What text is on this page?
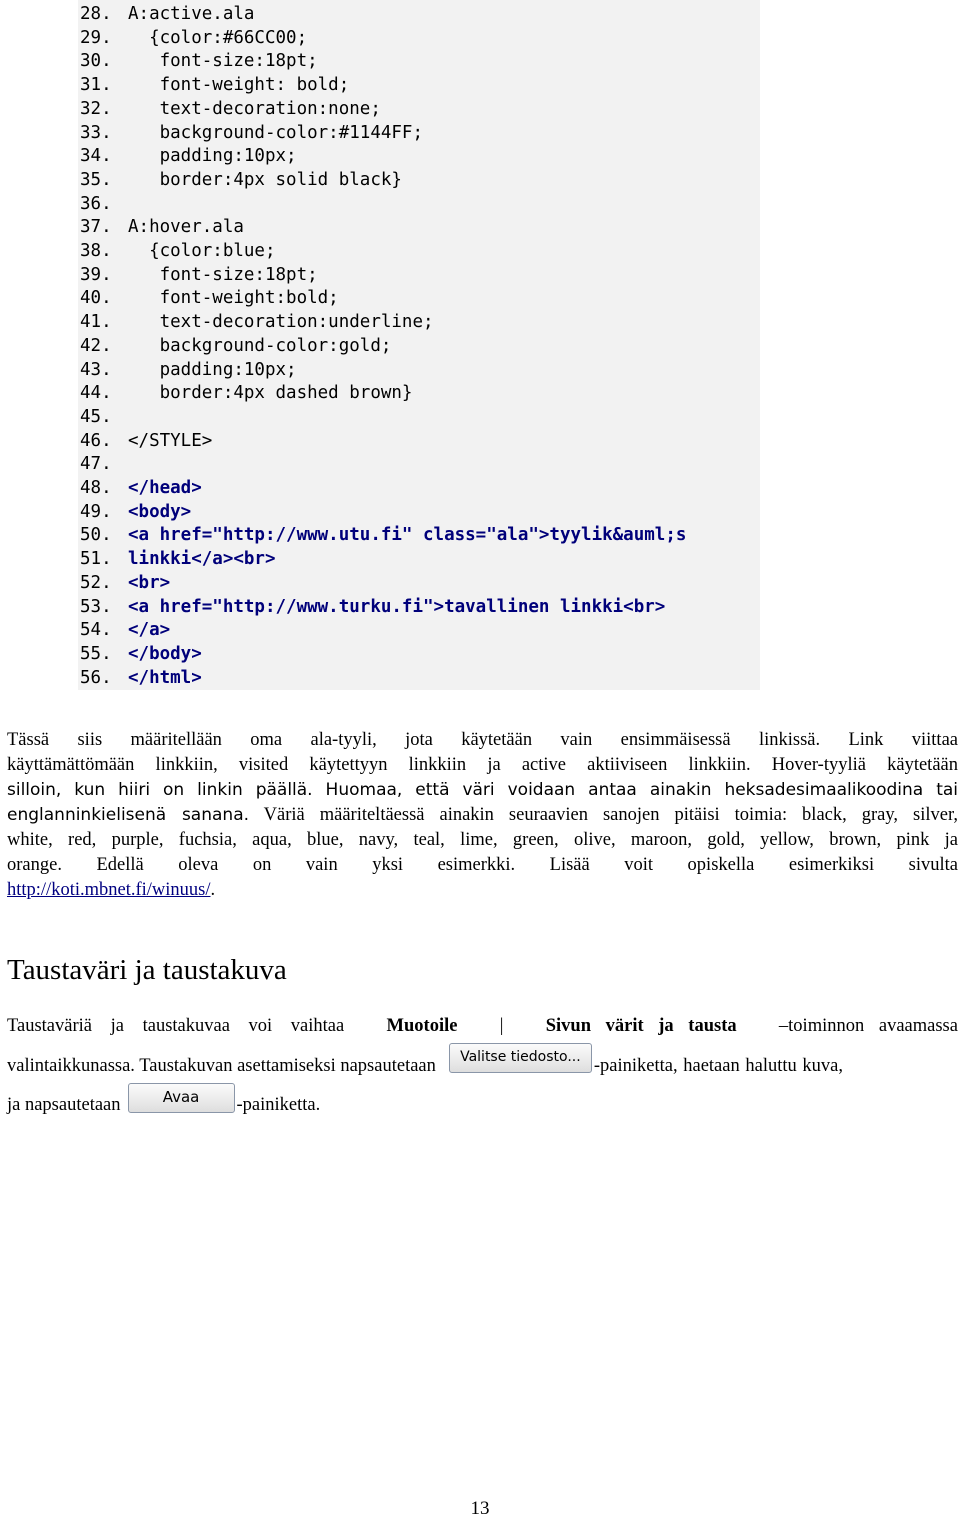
Tässä siis määritellään oma ala-tyyli, jota käytetään vain ensimmäisessä linkissä. Link viittaa
käyttämättömään linkkiin, visited käytettyyn linkkiin ja active aktiiviseen linkkiin. Hover-tyyliä käytetään
silloin, kun hiiri on linkin päällä. Huomaa, että väri voidaan antaa ainakin heksadesimaalikoodina tai
englanninkielisenä sanana. Väriä määriteltäessä ainakin seuraavien sanojen pitäisi toimia: black, gray, silver,
white, red, purple, fuchsia, aqua, blue, navy, teal, lime, green, olive, maroon, gold, yellow, brown, pink ja
orange. Edellä oleva on vain yksi esimerkki. Lisää voit opiskella esimerkiksi sivulta
http://koti.mbnet.fi/winuus/.
Taustaväri ja taustakuva
Taustaväriä ja taustakuvaa voi vaihtaa Muotoile | Sivun värit ja tausta –toiminnon avaamassa
valintaikkunassa. Taustakuvan asettamiseksi napsautetaan	Valitse tiedosto... -painiketta, haetaan haluttu kuva,
ja napsautetaan	Avaa	-painiketta.
13
28. A:active.ala
29.  {color:#66CC00;
30.   font-size:18pt;
31.   font-weight: bold;
32.   text-decoration:none;
33.   background-color:#1144FF;
34.   padding:10px;
35.   border:4px solid black}
36.
37. A:hover.ala
38.  {color:blue;
39.   font-size:18pt;
40.   font-weight:bold;
41.   text-decoration:underline;
42.   background-color:gold;
43.   padding:10px;
44.   border:4px dashed brown}
45.
46. </STYLE>
47.
48. </head>
49. <body>
50. <a href="http://www.utu.fi" class="ala">tyylik&auml;s
51. linkki</a><br>
52. <br>
53. <a href="http://www.turku.fi">tavallinen linkki<br>
54. </a>
55. </body>
56. </html>
